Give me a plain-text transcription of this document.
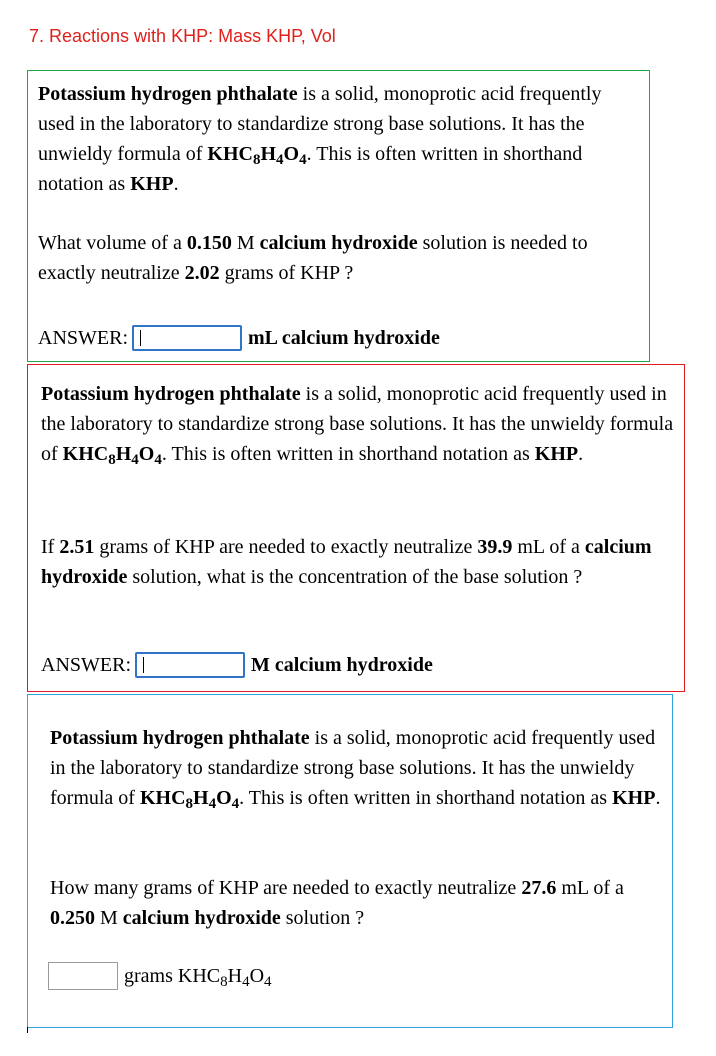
7. Reactions with KHP: Mass KHP, Vol

Potassium hydrogen phthalate is a solid, monoprotic acid frequently used in the laboratory to standardize strong base solutions. It has the unwieldy formula of $KHC_8H_4O_4$. This is often written in shorthand notation as KHP.

What volume of a 0.150 M calcium hydroxide solution is needed to exactly neutralize 2.02 grams of KHP ?

ANSWER:	mL calcium hydroxide

Potassium hydrogen phthalate is a solid, monoprotic acid frequently used in the laboratory to standardize strong base solutions. It has the unwieldy formula of $KHC_8H_4O_4$. This is often written in shorthand notation as KHP.

If 2.51 grams of KHP are needed to exactly neutralize 39.9 mL of a calcium hydroxide solution, what is the concentration of the base solution ?

ANSWER:	M calcium hydroxide

Potassium hydrogen phthalate is a solid, monoprotic acid frequently used in the laboratory to standardize strong base solutions. It has the unwieldy formula of $KHC_8H_4O_4$. This is often written in shorthand notation as KHP.

How many grams of KHP are needed to exactly neutralize 27.6 mL of a 0.250 M calcium hydroxide solution ?

grams $KHC_8H_4O_4$
